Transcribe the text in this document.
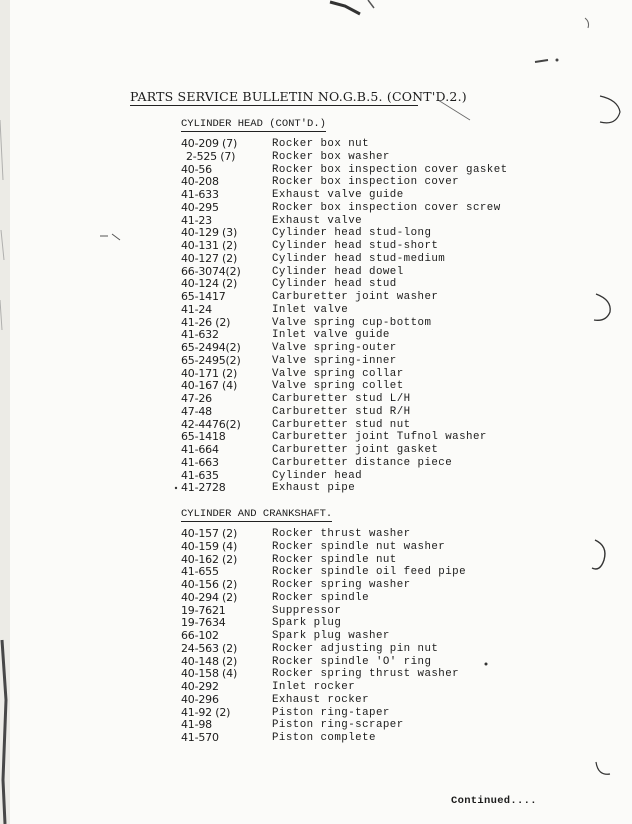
PARTS SERVICE BULLETIN NO.G.B.5. (CONT'D.2.)
CYLINDER HEAD (CONT'D.)
40-209 (7)	Rocker box nut
2-525 (7)	Rocker box washer
40-56	Rocker box inspection cover gasket
40-208	Rocker box inspection cover
41-633	Exhaust valve guide
40-295	Rocker box inspection cover screw
41-23	Exhaust valve
40-129 (3)	Cylinder head stud-long
40-131 (2)	Cylinder head stud-short
40-127 (2)	Cylinder head stud-medium
66-3074(2)	Cylinder head dowel
40-124 (2)	Cylinder head stud
65-1417	Carburetter joint washer
41-24	Inlet valve
41-26 (2)	Valve spring cup-bottom
41-632	Inlet valve guide
65-2494(2)	Valve spring-outer
65-2495(2)	Valve spring-inner
40-171 (2)	Valve spring collar
40-167 (4)	Valve spring collet
47-26	Carburetter stud L/H
47-48	Carburetter stud R/H
42-4476(2)	Carburetter stud nut
65-1418	Carburetter joint Tufnol washer
41-664	Carburetter joint gasket
41-663	Carburetter distance piece
41-635	Cylinder head
41-2728	Exhaust pipe
CYLINDER AND CRANKSHAFT.
40-157 (2)	Rocker thrust washer
40-159 (4)	Rocker spindle nut washer
40-162 (2)	Rocker spindle nut
41-655	Rocker spindle oil feed pipe
40-156 (2)	Rocker spring washer
40-294 (2)	Rocker spindle
19-7621	Suppressor
19-7634	Spark plug
66-102	Spark plug washer
24-563 (2)	Rocker adjusting pin nut
40-148 (2)	Rocker spindle 'O' ring
40-158 (4)	Rocker spring thrust washer
40-292	Inlet rocker
40-296	Exhaust rocker
41-92 (2)	Piston ring-taper
41-98	Piston ring-scraper
41-570	Piston complete
Continued....
